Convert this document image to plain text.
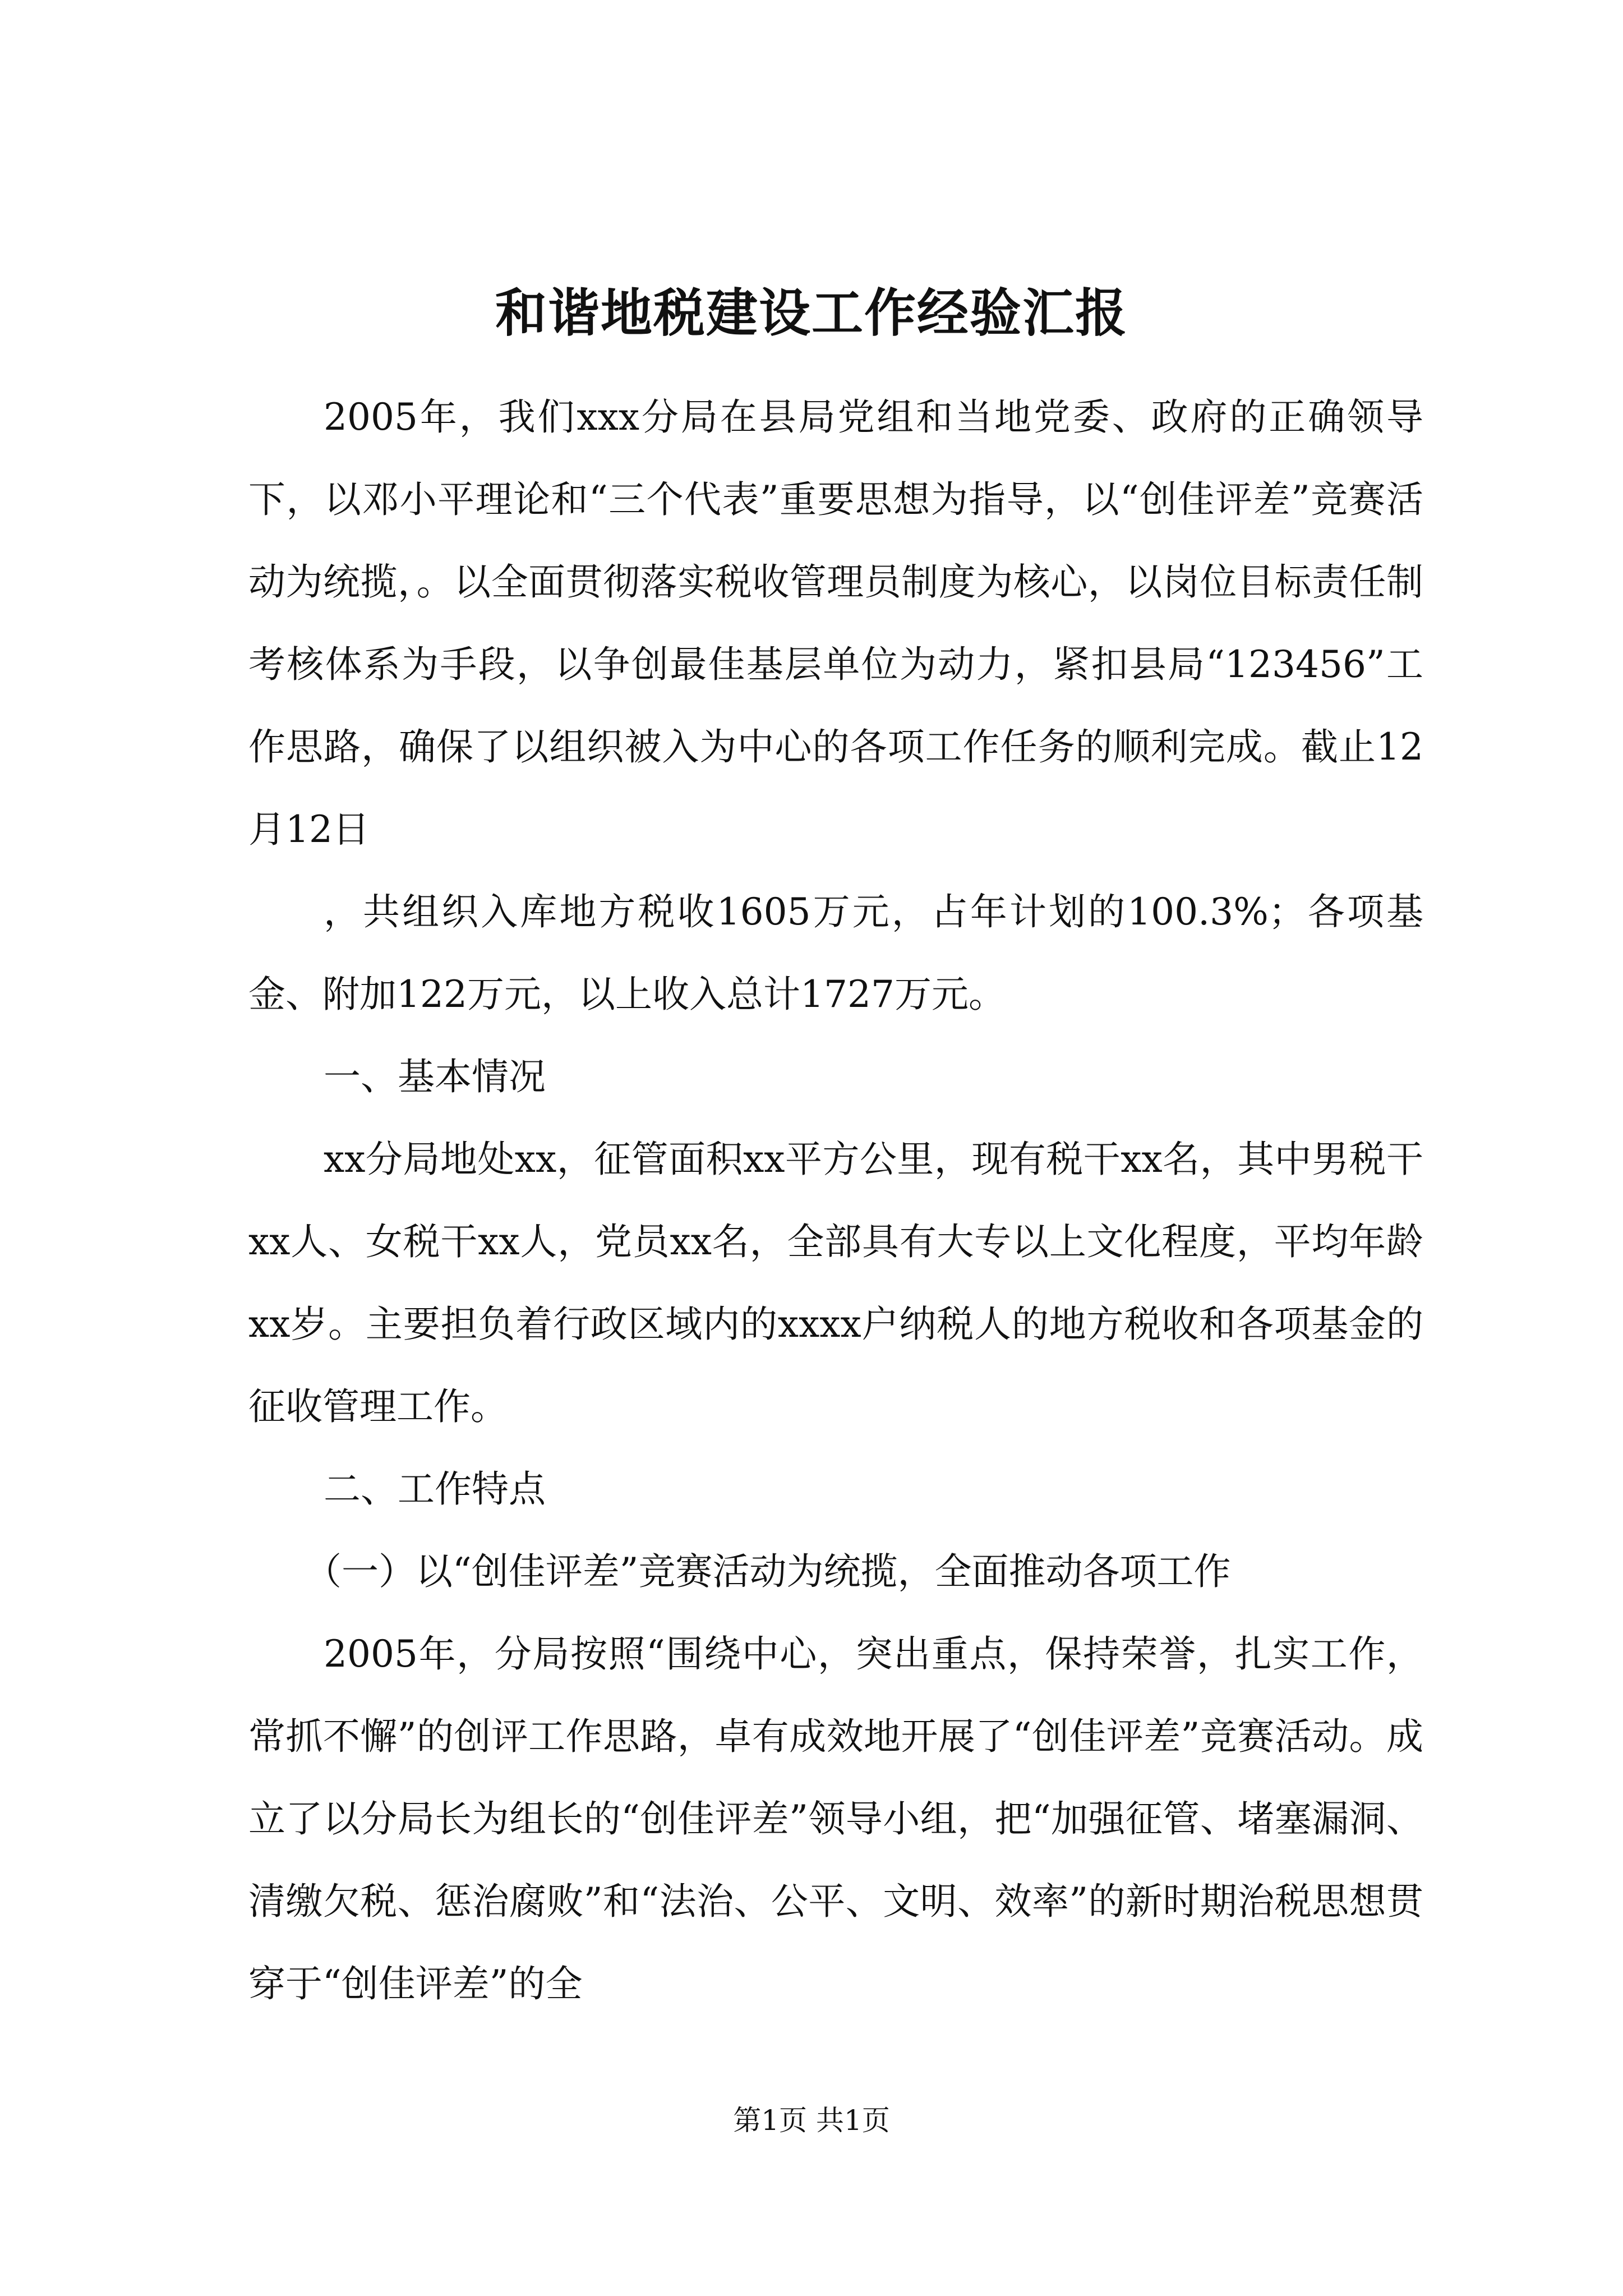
和谐地税建设工作经验汇报

2005年，我们xxx分局在县局党组和当地党委、政府的正确领导下，以邓小平理论和“三个代表”重要思想为指导，以“创佳评差”竞赛活动为统揽，。以全面贯彻落实税收管理员制度为核心，以岗位目标责任制考核体系为手段，以争创最佳基层单位为动力，紧扣县局“123456”工作思路，确保了以组织被入为中心的各项工作任务的顺利完成。截止12月12日

，共组织入库地方税收1605万元，占年计划的100.3%；各项基金、附加122万元，以上收入总计1727万元。

一、基本情况

xx分局地处xx，征管面积xx平方公里，现有税干xx名，其中男税干xx人、女税干xx人，党员xx名，全部具有大专以上文化程度，平均年龄xx岁。主要担负着行政区域内的xxxx户纳税人的地方税收和各项基金的征收管理工作。

二、工作特点

（一）以“创佳评差”竞赛活动为统揽，全面推动各项工作

2005年，分局按照“围绕中心，突出重点，保持荣誉，扎实工作，常抓不懈”的创评工作思路，卓有成效地开展了“创佳评差”竞赛活动。成立了以分局长为组长的“创佳评差”领导小组，把“加强征管、堵塞漏洞、清缴欠税、惩治腐败”和“法治、公平、文明、效率”的新时期治税思想贯穿于“创佳评差”的全

第1页 共1页
